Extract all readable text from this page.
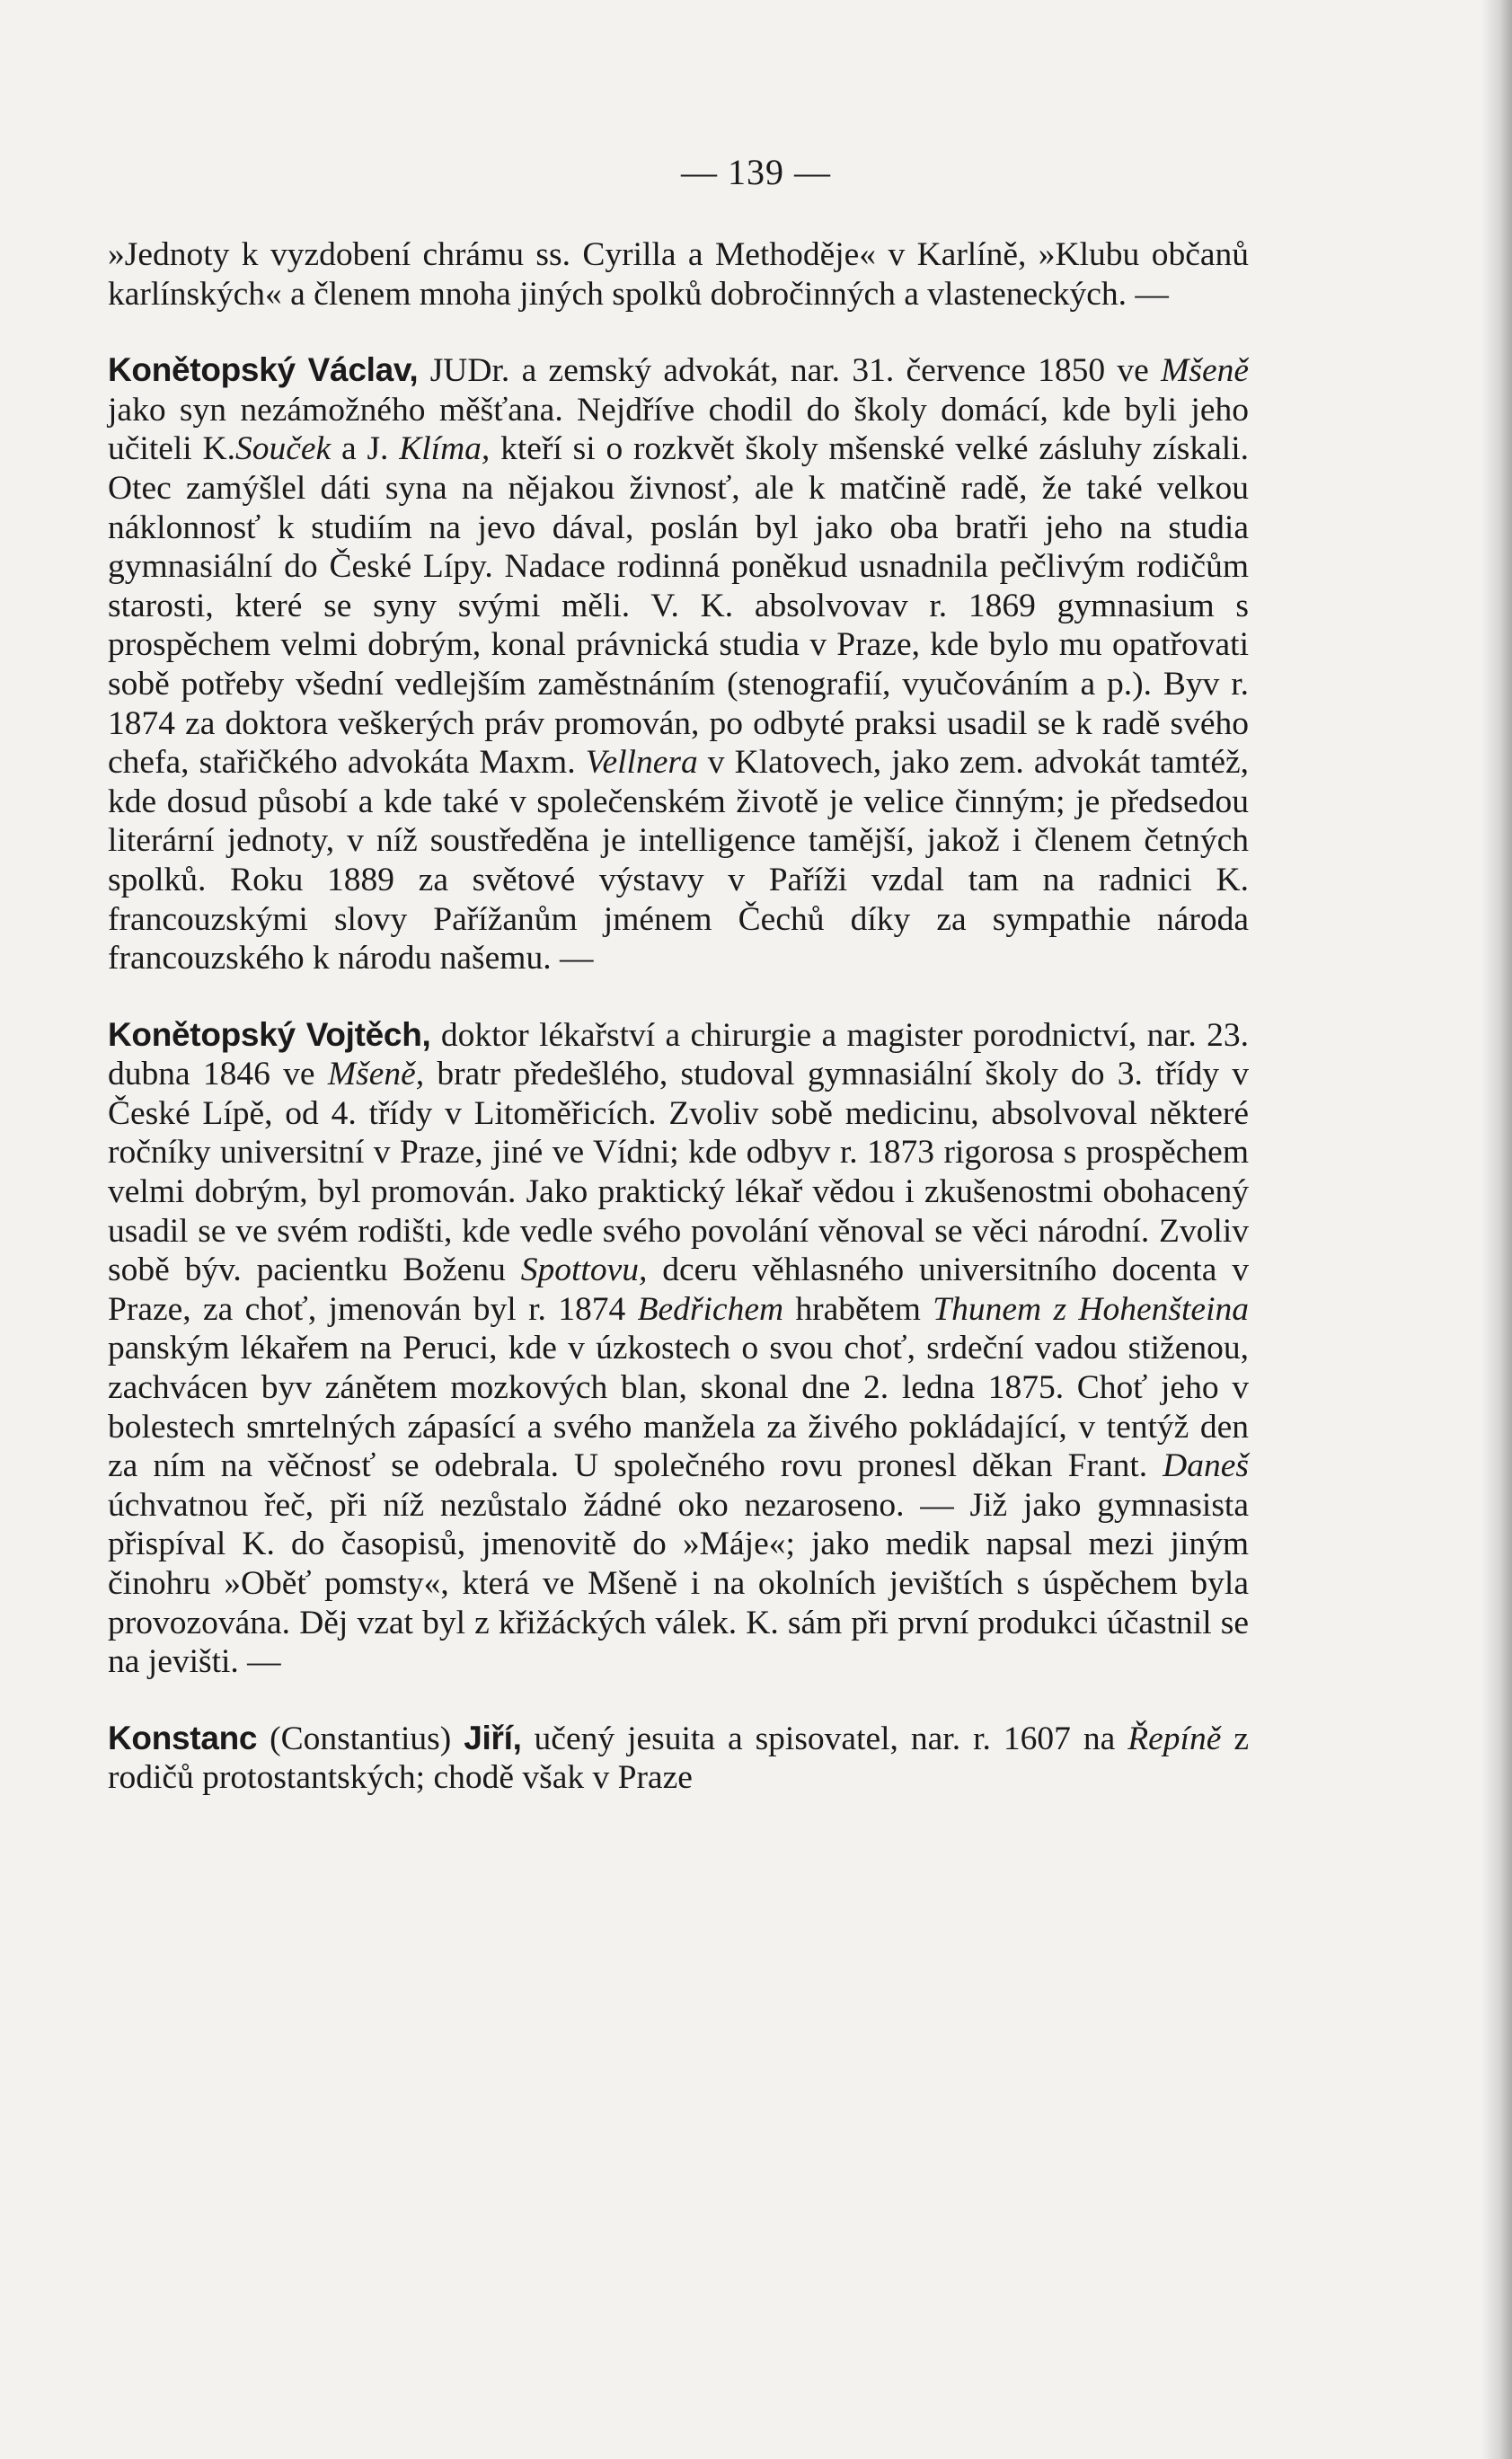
— 139 —

»Jednoty k vyzdobení chrámu ss. Cyrilla a Methoděje« v Karlíně, »Klubu občanů karlínských« a členem mnoha jiných spolků dobročinných a vlasteneckých. —

Konětopský Václav, JUDr. a zemský advokát, nar. 31. července 1850 ve Mšeně jako syn nezámožného měšťana. Nejdříve chodil do školy domácí, kde byli jeho učiteli K.Souček a J. Klíma, kteří si o rozkvět školy mšenské velké zásluhy získali. Otec zamýšlel dáti syna na nějakou živnosť, ale k matčině radě, že také velkou náklonnosť k studiím na jevo dával, poslán byl jako oba bratři jeho na studia gymnasiální do České Lípy. Nadace rodinná poněkud usnadnila pečlivým rodičům starosti, které se syny svými měli. V. K. absolvovav r. 1869 gymnasium s prospěchem velmi dobrým, konal právnická studia v Praze, kde bylo mu opatřovati sobě potřeby všední vedlejším zaměstnáním (stenografií, vyučováním a p.). Byv r. 1874 za doktora veškerých práv promován, po odbyté praksi usadil se k radě svého chefa, stařičkého advokáta Maxm. Vellnera v Klatovech, jako zem. advokát tamtéž, kde dosud působí a kde také v společenském životě je velice činným; je předsedou literární jednoty, v níž soustředěna je intelligence tamější, jakož i členem četných spolků. Roku 1889 za světové výstavy v Paříži vzdal tam na radnici K. francouzskými slovy Pařížanům jménem Čechů díky za sympathie národa francouzského k národu našemu. —

Konětopský Vojtěch, doktor lékařství a chirurgie a magister porodnictví, nar. 23. dubna 1846 ve Mšeně, bratr předešlého, studoval gymnasiální školy do 3. třídy v České Lípě, od 4. třídy v Litoměřicích. Zvoliv sobě medicinu, absolvoval některé ročníky universitní v Praze, jiné ve Vídni; kde odbyv r. 1873 rigorosa s prospěchem velmi dobrým, byl promován. Jako praktický lékař vědou i zkušenostmi obohacený usadil se ve svém rodišti, kde vedle svého povolání věnoval se věci národní. Zvoliv sobě býv. pacientku Boženu Spottovu, dceru věhlasného universitního docenta v Praze, za choť, jmenován byl r. 1874 Bedřichem hrabětem Thunem z Hohenšteina panským lékařem na Peruci, kde v úzkostech o svou choť, srdeční vadou stiženou, zachvácen byv zánětem mozkových blan, skonal dne 2. ledna 1875. Choť jeho v bolestech smrtelných zápasící a svého manžela za živého pokládající, v tentýž den za ním na věčnosť se odebrala. U společného rovu pronesl děkan Frant. Daneš úchvatnou řeč, při níž nezůstalo žádné oko nezaroseno. — Již jako gymnasista přispíval K. do časopisů, jmenovitě do »Máje«; jako medik napsal mezi jiným činohru »Oběť pomsty«, která ve Mšeně i na okolních jevištích s úspěchem byla provozována. Děj vzat byl z křižáckých válek. K. sám při první produkci účastnil se na jevišti. —

Konstanc (Constantius) Jiří, učený jesuita a spisovatel, nar. r. 1607 na Řepíně z rodičů protostantských; chodě však v Praze
